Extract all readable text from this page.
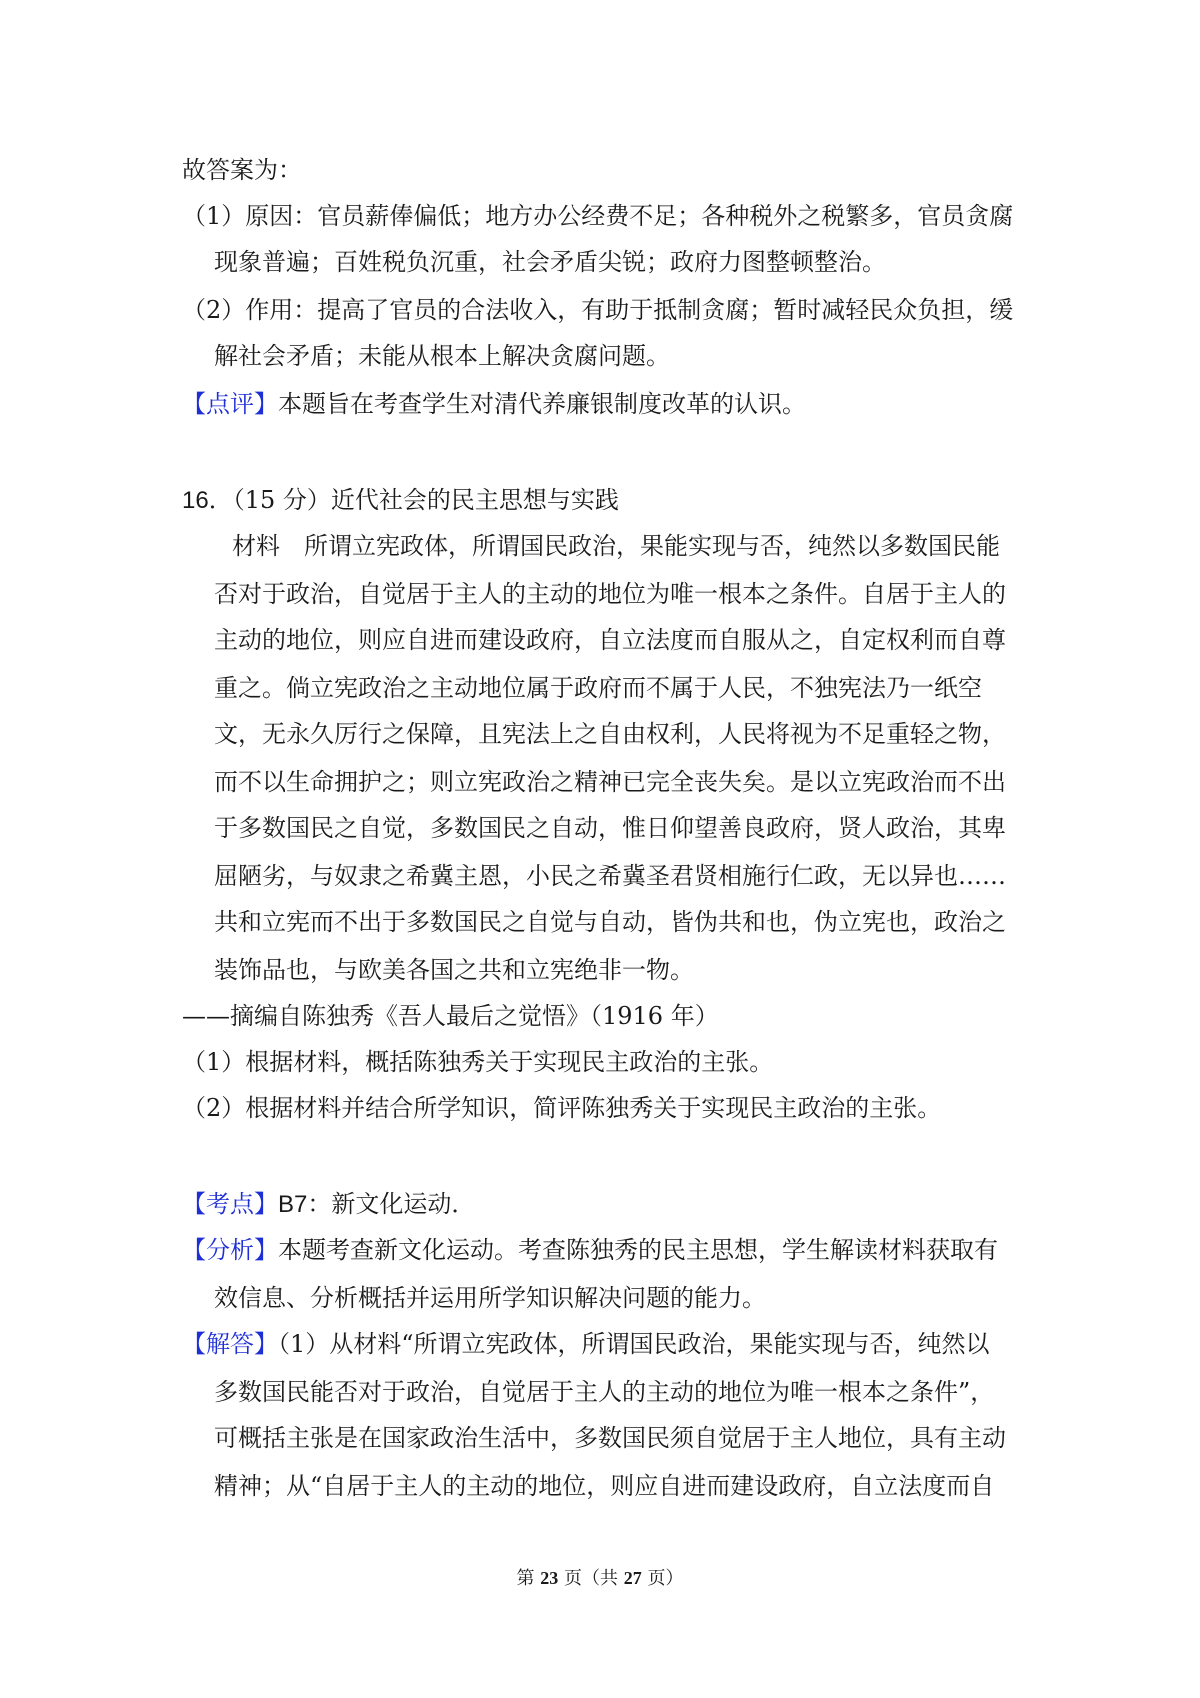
故答案为：
（1）原因：官员薪俸偏低；地方办公经费不足；各种税外之税繁多，官员贪腐
现象普遍；百姓税负沉重，社会矛盾尖锐；政府力图整顿整治。
（2）作用：提高了官员的合法收入，有助于抵制贪腐；暂时减轻民众负担，缓
解社会矛盾；未能从根本上解决贪腐问题。
【点评】本题旨在考查学生对清代养廉银制度改革的认识。
16．（15 分）近代社会的民主思想与实践
材料　所谓立宪政体，所谓国民政治，果能实现与否，纯然以多数国民能
否对于政治，自觉居于主人的主动的地位为唯一根本之条件。自居于主人的
主动的地位，则应自进而建设政府，自立法度而自服从之，自定权利而自尊
重之。倘立宪政治之主动地位属于政府而不属于人民，不独宪法乃一纸空
文，无永久厉行之保障，且宪法上之自由权利，人民将视为不足重轻之物，
而不以生命拥护之；则立宪政治之精神已完全丧失矣。是以立宪政治而不出
于多数国民之自觉，多数国民之自动，惟日仰望善良政府，贤人政治，其卑
屈陋劣，与奴隶之希冀主恩，小民之希冀圣君贤相施行仁政，无以异也……
共和立宪而不出于多数国民之自觉与自动，皆伪共和也，伪立宪也，政治之
装饰品也，与欧美各国之共和立宪绝非一物。
——摘编自陈独秀《吾人最后之觉悟》（1916 年）
（1）根据材料，概括陈独秀关于实现民主政治的主张。
（2）根据材料并结合所学知识，简评陈独秀关于实现民主政治的主张。
【考点】B7：新文化运动．
【分析】本题考查新文化运动。考查陈独秀的民主思想，学生解读材料获取有
效信息、分析概括并运用所学知识解决问题的能力。
【解答】（1）从材料“所谓立宪政体，所谓国民政治，果能实现与否，纯然以
多数国民能否对于政治，自觉居于主人的主动的地位为唯一根本之条件”，
可概括主张是在国家政治生活中，多数国民须自觉居于主人地位，具有主动
精神；从“自居于主人的主动的地位，则应自进而建设政府，自立法度而自
第 23 页（共 27 页）
